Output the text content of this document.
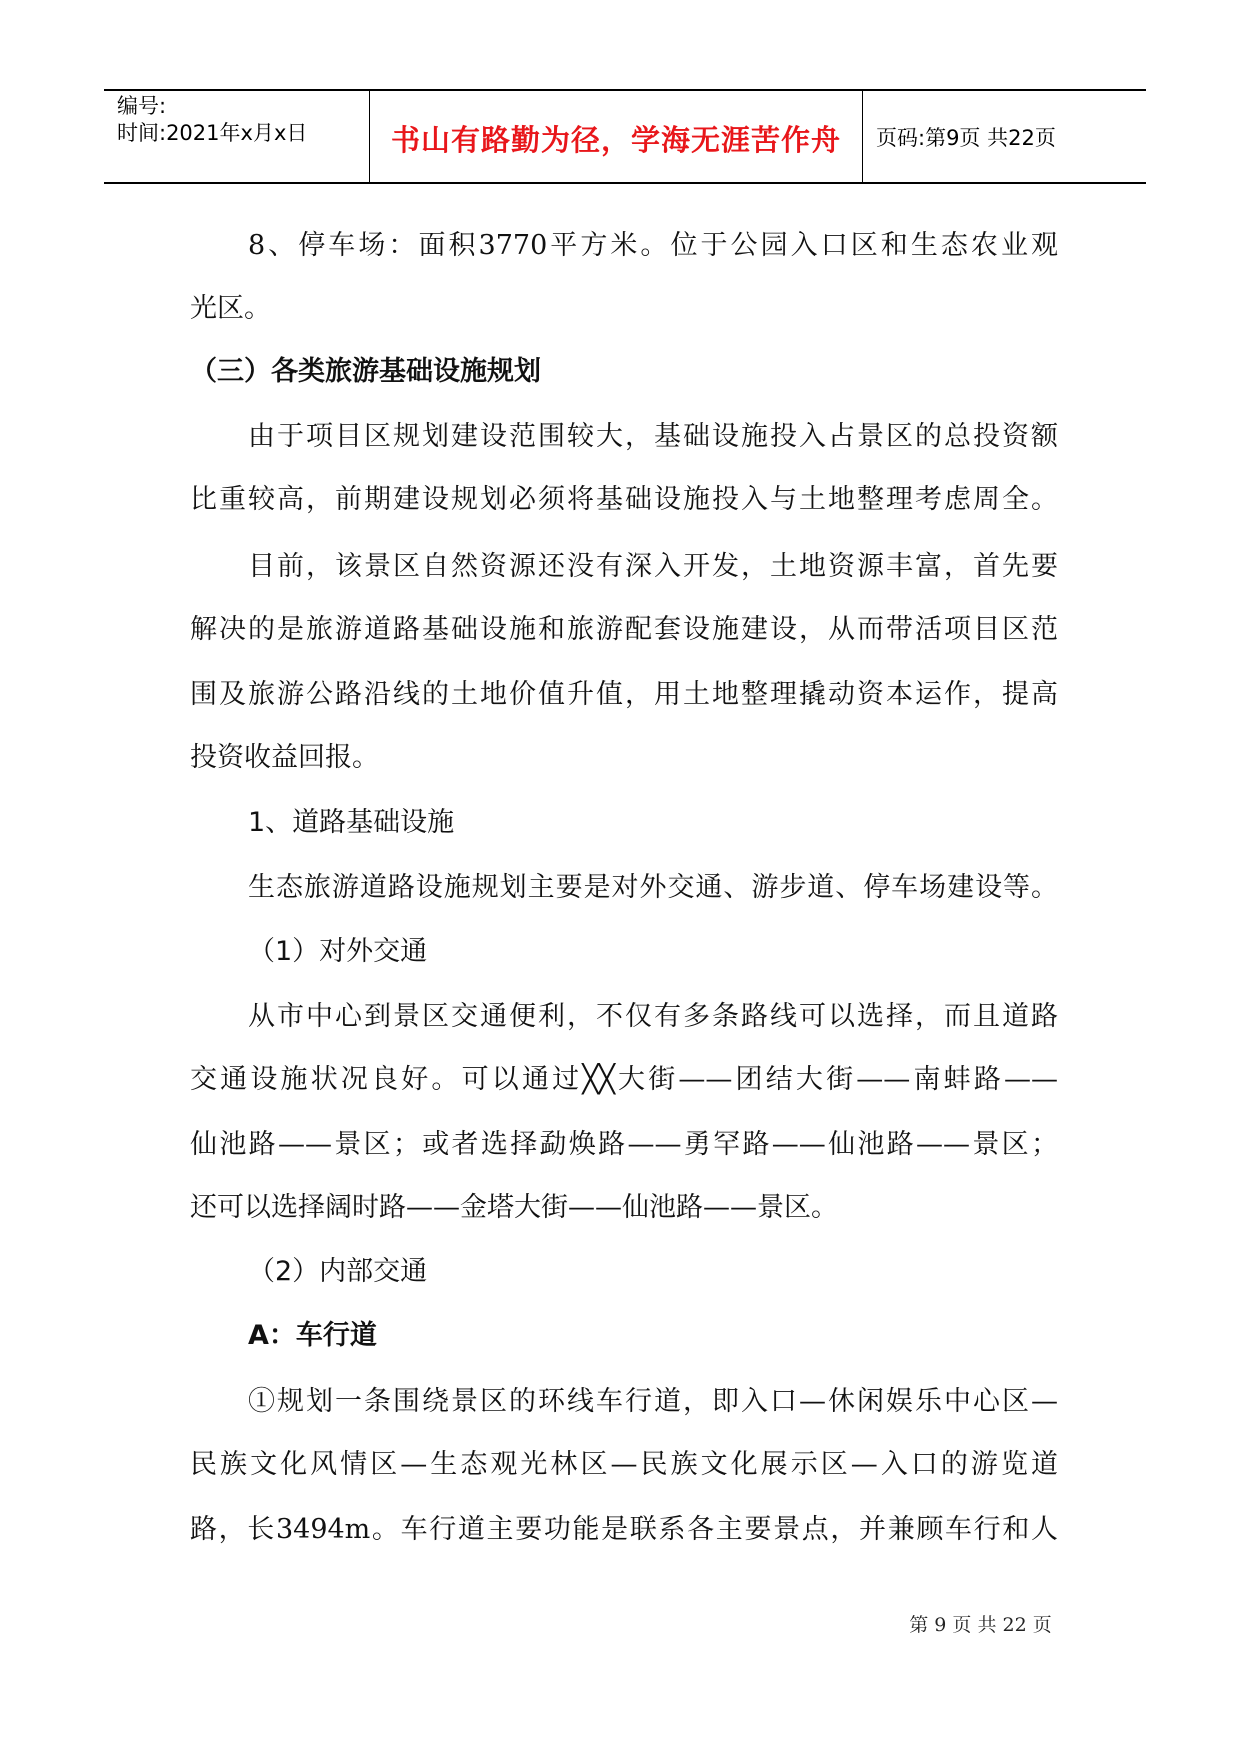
编号:
时间:2021年x月x日	书山有路勤为径，学海无涯苦作舟	页码:第9页 共22页
8、停车场：面积3770平方米。位于公园入口区和生态农业观
光区。
（三）各类旅游基础设施规划
由于项目区规划建设范围较大，基础设施投入占景区的总投资额
比重较高，前期建设规划必须将基础设施投入与土地整理考虑周全。
目前，该景区自然资源还没有深入开发，土地资源丰富，首先要
解决的是旅游道路基础设施和旅游配套设施建设，从而带活项目区范
围及旅游公路沿线的土地价值升值，用土地整理撬动资本运作，提高
投资收益回报。
1、道路基础设施
生态旅游道路设施规划主要是对外交通、游步道、停车场建设等。
（1）对外交通
从市中心到景区交通便利，不仅有多条路线可以选择，而且道路
交通设施状况良好。可以通过╳╳大街——团结大街——南蚌路——
仙池路——景区；或者选择勐焕路——勇罕路——仙池路——景区；
还可以选择阔时路——金塔大街——仙池路——景区。
（2）内部交通
A：车行道
①规划一条围绕景区的环线车行道，即入口—休闲娱乐中心区—
民族文化风情区—生态观光林区—民族文化展示区—入口的游览道
路，长3494m。车行道主要功能是联系各主要景点，并兼顾车行和人
第 9 页 共 22 页
